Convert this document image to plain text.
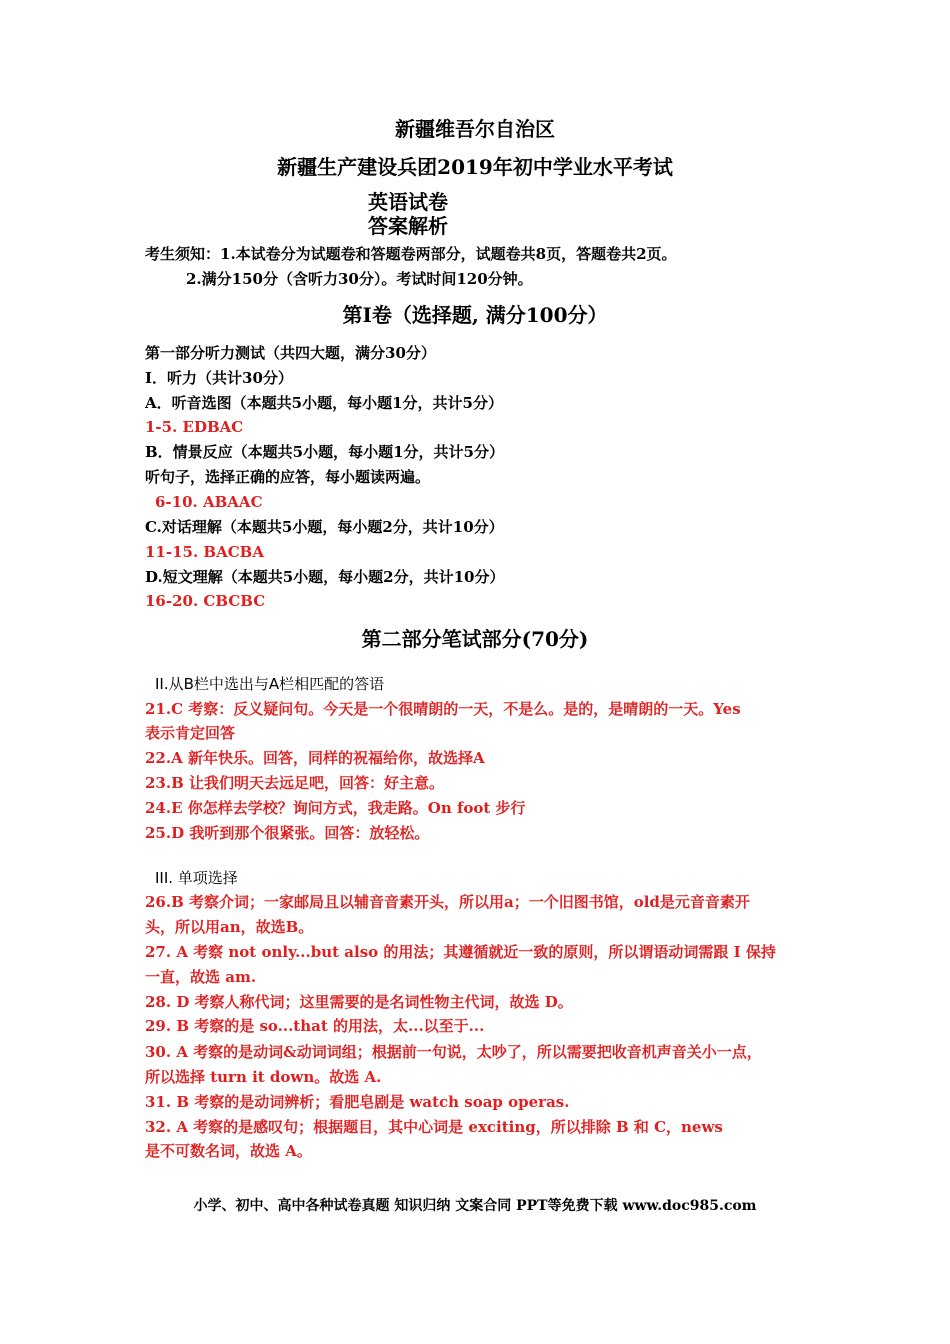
新疆维吾尔自治区
新疆生产建设兵团2019年初中学业水平考试
英语试卷
答案解析
考生须知：1.本试卷分为试题卷和答题卷两部分，试题卷共8页，答题卷共2页。
2.满分150分（含听力30分）。考试时间120分钟。
第I卷（选择题, 满分100分）
第一部分听力测试（共四大题，满分30分）
I．听力（共计30分）
A．听音选图（本题共5小题，每小题1分，共计5分）
1-5. EDBAC
B．情景反应（本题共5小题，每小题1分，共计5分）
听句子，选择正确的应答，每小题读两遍。
6-10. ABAAC
C.对话理解（本题共5小题，每小题2分，共计10分）
11-15. BACBA
D.短文理解（本题共5小题，每小题2分，共计10分）
16-20. CBCBC
第二部分笔试部分(70分)
II.从B栏中选出与A栏相匹配的答语
21.C 考察：反义疑问句。今天是一个很晴朗的一天，不是么。是的，是晴朗的一天。Yes
表示肯定回答
22.A 新年快乐。回答，同样的祝福给你，故选择A
23.B 让我们明天去远足吧，回答：好主意。
24.E 你怎样去学校？询问方式，我走路。On foot 步行
25.D 我听到那个很紧张。回答：放轻松。
III. 单项选择
26.B 考察介词；一家邮局且以辅音音素开头，所以用a；一个旧图书馆，old是元音音素开
头，所以用an，故选B。
27. A 考察 not only...but also 的用法；其遵循就近一致的原则，所以谓语动词需跟 I 保持
一直，故选 am.
28. D 考察人称代词；这里需要的是名词性物主代词，故选 D。
29. B 考察的是 so...that 的用法，太...以至于...
30. A 考察的是动词&动词词组；根据前一句说，太吵了，所以需要把收音机声音关小一点，
所以选择 turn it down。故选 A.
31. B 考察的是动词辨析；看肥皂剧是 watch soap operas.
32. A 考察的是感叹句；根据题目，其中心词是 exciting，所以排除 B 和 C，news
是不可数名词，故选 A。
小学、初中、高中各种试卷真题 知识归纳 文案合同 PPT等免费下载 www.doc985.com
